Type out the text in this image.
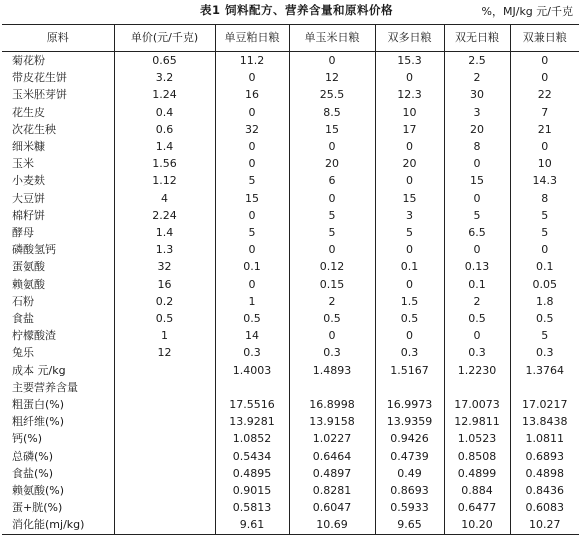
表1 饲料配方、营养含量和原料价格	%，MJ/kg 元/千克
原料	单价(元/千克)	单豆粕日粮	单玉米日粮	双多日粮	双无日粮	双兼日粮
菊花粉	0.65	11.2	0	15.3	2.5	0
带皮花生饼	3.2	0	12	0	2	0
玉米胚芽饼	1.24	16	25.5	12.3	30	22
花生皮	0.4	0	8.5	10	3	7
次花生秧	0.6	32	15	17	20	21
细米糠	1.4	0	0	0	8	0
玉米	1.56	0	20	20	0	10
小麦麸	1.12	5	6	0	15	14.3
大豆饼	4	15	0	15	0	8
棉籽饼	2.24	0	5	3	5	5
酵母	1.4	5	5	5	6.5	5
磷酸氢钙	1.3	0	0	0	0	0
蛋氨酸	32	0.1	0.12	0.1	0.13	0.1
赖氨酸	16	0	0.15	0	0.1	0.05
石粉	0.2	1	2	1.5	2	1.8
食盐	0.5	0.5	0.5	0.5	0.5	0.5
柠檬酸渣	1	14	0	0	0	5
兔乐	12	0.3	0.3	0.3	0.3	0.3
成本 元/kg		1.4003	1.4893	1.5167	1.2230	1.3764
主要营养含量						
粗蛋白(%)		17.5516	16.8998	16.9973	17.0073	17.0217
粗纤维(%)		13.9281	13.9158	13.9359	12.9811	13.8438
钙(%)		1.0852	1.0227	0.9426	1.0523	1.0811
总磷(%)		0.5434	0.6464	0.4739	0.8508	0.6893
食盐(%)		0.4895	0.4897	0.49	0.4899	0.4898
赖氨酸(%)		0.9015	0.8281	0.8693	0.884	0.8436
蛋+胱(%)		0.5813	0.6047	0.5933	0.6477	0.6083
消化能(mj/kg)		9.61	10.69	9.65	10.20	10.27
